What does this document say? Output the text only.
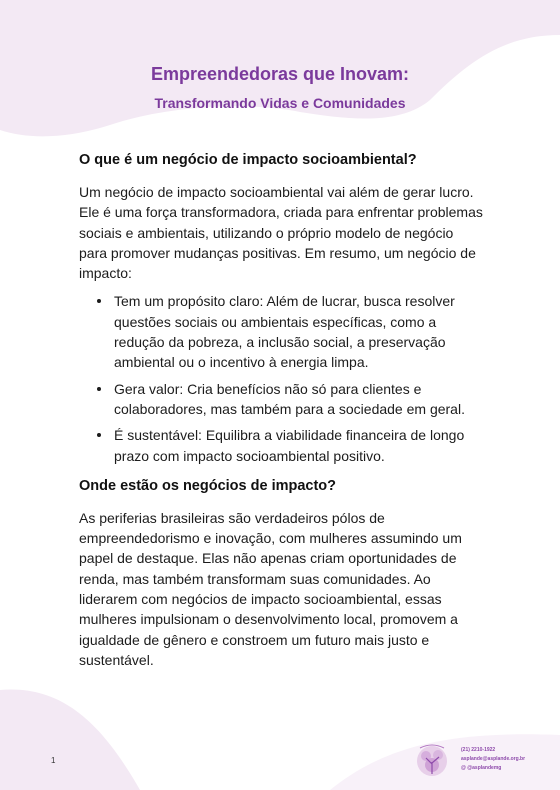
Empreendedoras que Inovam:
Transformando Vidas e Comunidades
O que é um negócio de impacto socioambiental?

Um negócio de impacto socioambiental vai além de gerar lucro. Ele é uma força transformadora, criada para enfrentar problemas sociais e ambientais, utilizando o próprio modelo de negócio para promover mudanças positivas. Em resumo, um negócio de impacto:

Tem um propósito claro: Além de lucrar, busca resolver questões sociais ou ambientais específicas, como a redução da pobreza, a inclusão social, a preservação ambiental ou o incentivo à energia limpa.
Gera valor: Cria benefícios não só para clientes e colaboradores, mas também para a sociedade em geral.
É sustentável: Equilibra a viabilidade financeira de longo prazo com impacto socioambiental positivo.
Onde estão os negócios de impacto?

As periferias brasileiras são verdadeiros pólos de empreendedorismo e inovação, com mulheres assumindo um papel de destaque. Elas não apenas criam oportunidades de renda, mas também transformam suas comunidades. Ao liderarem com negócios de impacto socioambiental, essas mulheres impulsionam o desenvolvimento local, promovem a igualdade de gênero e constroem um futuro mais justo e sustentável.

1
(21) 2210-1922
asplande@asplande.org.br
@ @asplandemg
